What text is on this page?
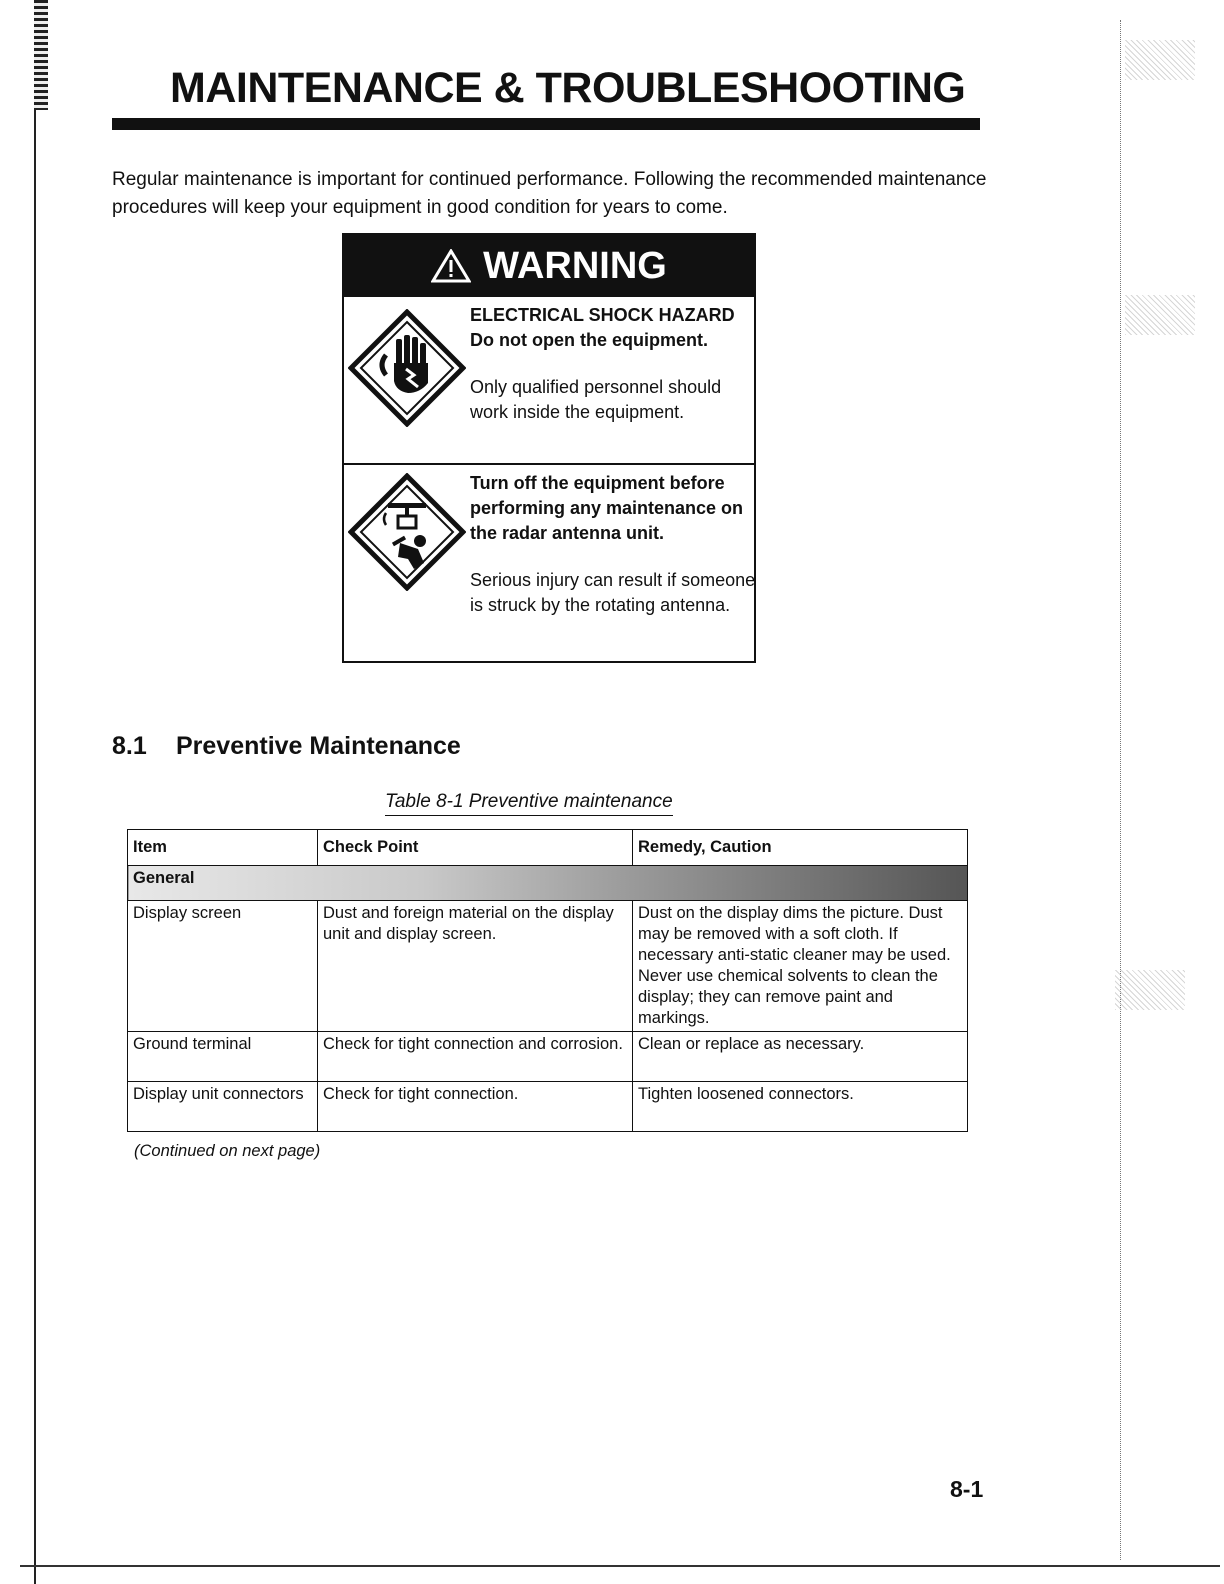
MAINTENANCE & TROUBLESHOOTING

Regular maintenance is important for continued performance. Following the recommended maintenance procedures will keep your equipment in good condition for years to come.

WARNING
ELECTRICAL SHOCK HAZARD
Do not open the equipment.
Only qualified personnel should work inside the equipment.
Turn off the equipment before performing any maintenance on the radar antenna unit.
Serious injury can result if someone is struck by the rotating antenna.
8.1 Preventive Maintenance
Table 8-1 Preventive maintenance
Item	Check Point	Remedy, Caution
General		
Display screen	Dust and foreign material on the display unit and display screen.	Dust on the display dims the picture. Dust may be removed with a soft cloth. If necessary anti-static cleaner may be used. Never use chemical solvents to clean the display; they can remove paint and markings.
Ground terminal	Check for tight connection and corrosion.	Clean or replace as necessary.
Display unit connectors	Check for tight connection.	Tighten loosened connectors.
(Continued on next page)
8-1
